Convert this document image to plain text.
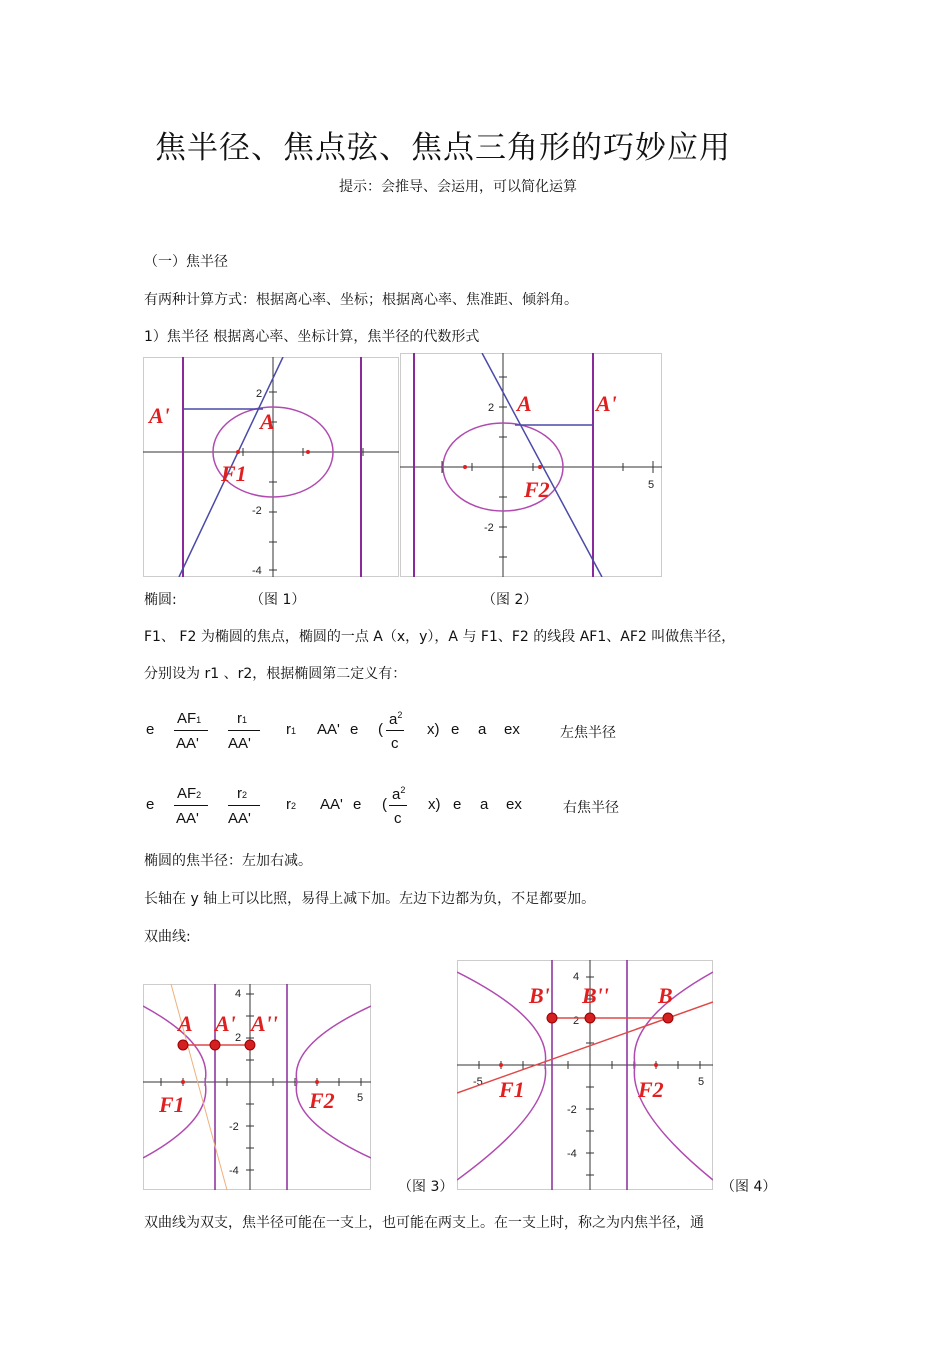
焦半径、焦点弦、焦点三角形的巧妙应用
提示：会推导、会运用，可以简化运算
（一）焦半径
有两种计算方式：根据离心率、坐标；根据离心率、焦准距、倾斜角。
1）焦半径 根据离心率、坐标计算，焦半径的代数形式
2
-2
-4
A'	A
F1
2
-2
5
A	A'
F2
椭圆:	（图 1）	（图 2）
F1、 F2 为椭圆的焦点，椭圆的一点 A（x，y），A 与 F1、F2 的线段 AF1、AF2 叫做焦半径，
分别设为 r1 、r2，根据椭圆第二定义有：
e
AF1
AA'
r1
AA'
r1 AA' e (
$a^2$
c
x) e a ex	左焦半径
e
AF2
AA'
r2
AA'
r2 AA' e (
$a^2$
c
x) e a ex	右焦半径
椭圆的焦半径：左加右减。
长轴在 y 轴上可以比照，易得上减下加。左边下边都为负，不足都要加。
双曲线:
4
2
-2
-4
5
A A' A''
F1	F2
（图 3）
4
2
-2
-4
-5	5
B' B'' B
F1	F2
（图 4）
双曲线为双支，焦半径可能在一支上，也可能在两支上。在一支上时，称之为内焦半径，通
